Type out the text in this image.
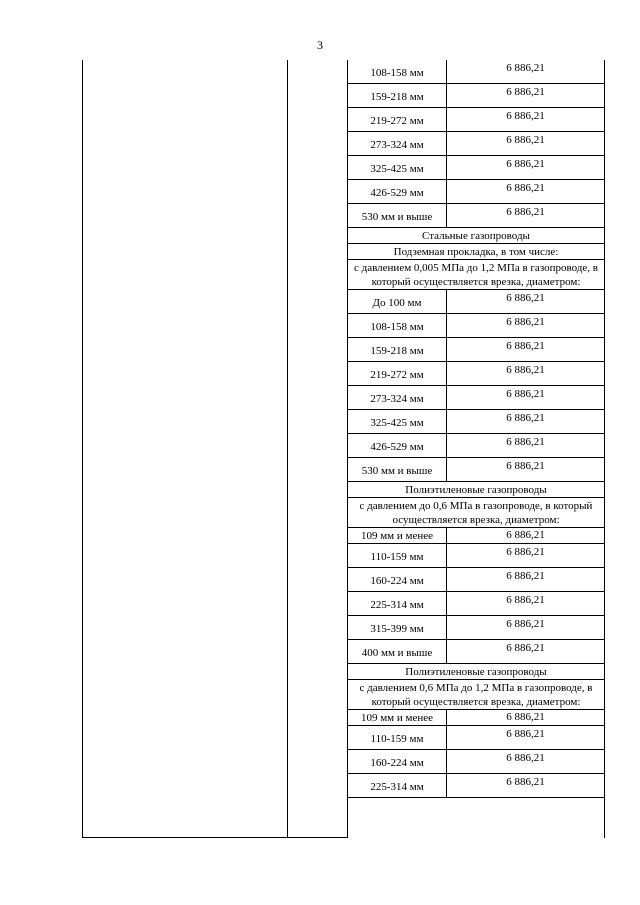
3
108-158 мм	6 886,21
159-218 мм	6 886,21
219-272 мм	6 886,21
273-324 мм	6 886,21
325-425 мм	6 886,21
426-529 мм	6 886,21
530 мм и выше	6 886,21
Стальные газопроводы	
Подземная прокладка, в том числе:	
с давлением 0,005 МПа до 1,2 МПа в газопроводе, в который осуществляется врезка, диаметром:	
До 100 мм	6 886,21
108-158 мм	6 886,21
159-218 мм	6 886,21
219-272 мм	6 886,21
273-324 мм	6 886,21
325-425 мм	6 886,21
426-529 мм	6 886,21
530 мм и выше	6 886,21
Полиэтиленовые газопроводы	
с давлением до 0,6 МПа в газопроводе, в который осуществляется врезка, диаметром:	
109 мм и менее	6 886,21
110-159 мм	6 886,21
160-224 мм	6 886,21
225-314 мм	6 886,21
315-399 мм	6 886,21
400 мм и выше	6 886,21
Полиэтиленовые газопроводы	
с давлением 0,6 МПа до 1,2 МПа в газопроводе, в который осуществляется врезка, диаметром:	
109 мм и менее	6 886,21
110-159 мм	6 886,21
160-224 мм	6 886,21
225-314 мм	6 886,21
